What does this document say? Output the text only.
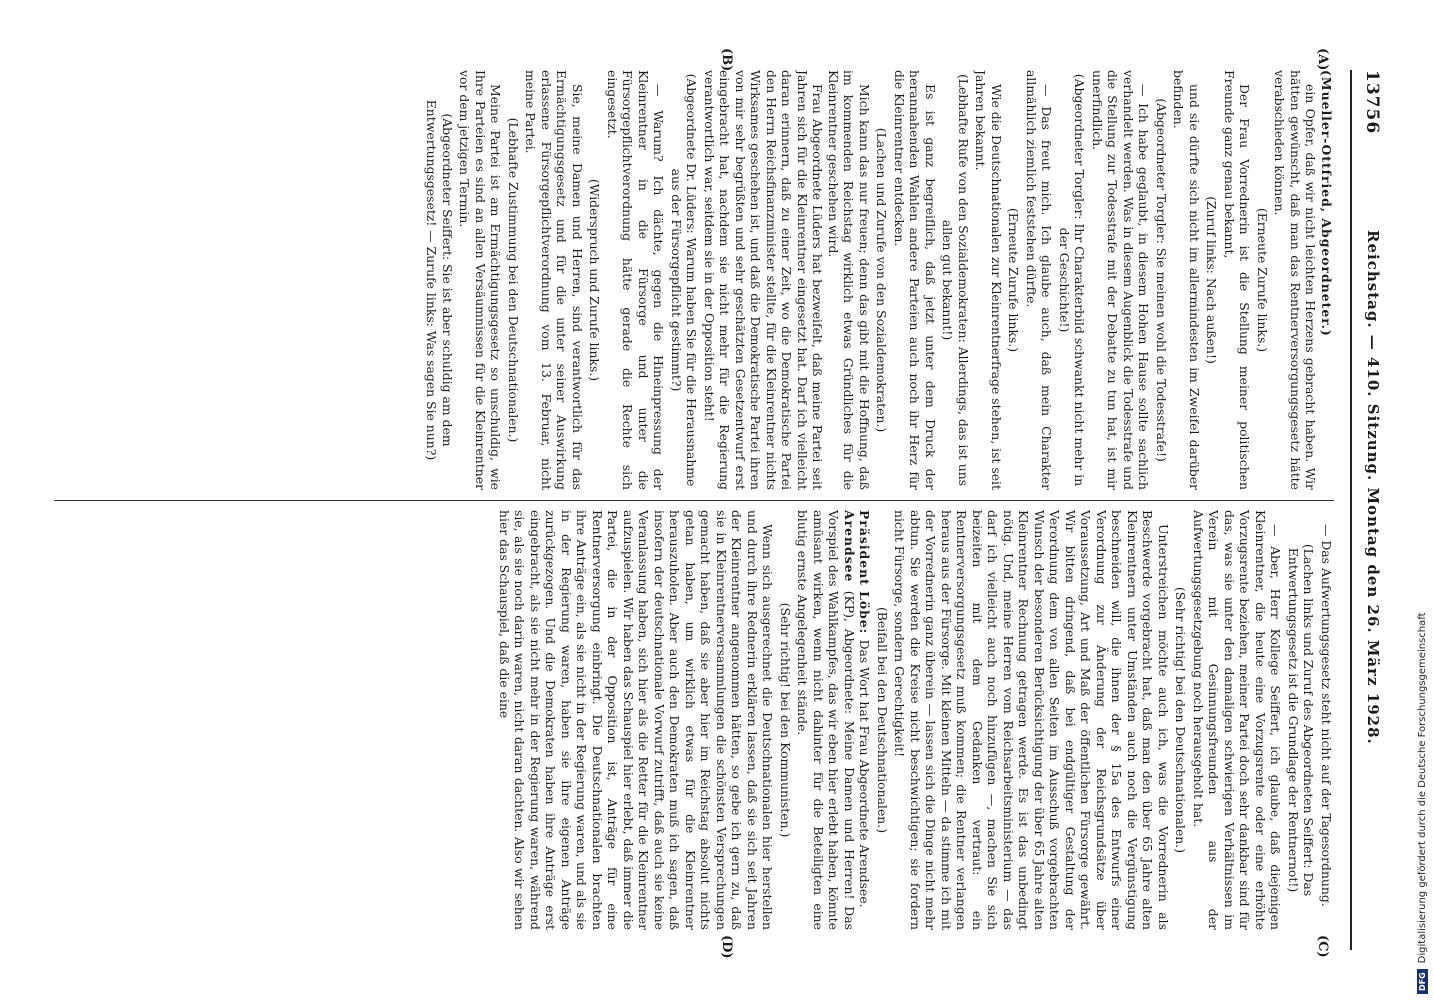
13756
Reichstag. — 410. Sitzung. Montag den 26. März 1928.
(A)
(B)
(C)
(D)

(Mueller-Ottfried, Abgeordneter.)

ein Opfer, daß wir nicht leichten Herzens gebracht haben. Wir hätten gewünscht, daß man das Rentnerversorgungsgesetz hätte verabschieden können.

(Erneute Zurufe links.)

Der Frau Vorrednerin ist die Stellung meiner politischen Freunde ganz genau bekannt,

(Zuruf links: Nach außen!)

und sie dürfte sich nicht im allermindesten im Zweifel darüber befinden.

(Abgeordneter Torgler: Sie meinen wohl die Todesstrafe!)

— Ich habe geglaubt, in diesem Hohen Hause sollte sachlich verhandelt werden. Was in diesem Augenblick die Todesstrafe und die Stellung zur Todesstrafe mit der Debatte zu tun hat, ist mir unerfindlich.

(Abgeordneter Torgler: Ihr Charakterbild schwankt nicht mehr in der Geschichte!)

— Das freut mich. Ich glaube auch, daß mein Charakter allmählich ziemlich feststehen dürfte.

(Erneute Zurufe links.)

Wie die Deutschnationalen zur Kleinrentnerfrage stehen, ist seit Jahren bekannt.

(Lebhafte Rufe von den Sozialdemokraten: Allerdings, das ist uns allen gut bekannt!)

Es ist ganz begreiflich, daß jetzt unter dem Druck der herannahenden Wahlen andere Parteien auch noch ihr Herz für die Kleinrentner entdecken.

(Lachen und Zurufe von den Sozialdemokraten.)

Mich kann das nur freuen; denn das gibt mit die Hoffnung, daß im kommenden Reichstag wirklich etwas Gründliches für die Kleinrentner geschehen wird.

Frau Abgeordnete Lüders hat bezweifelt, daß meine Partei seit Jahren sich für die Kleinrentner eingesetzt hat. Darf ich vielleicht daran erinnern, daß zu einer Zeit, wo die Demokratische Partei den Herrn Reichsfinanzminister stellte, für die Kleinrentner nichts Wirksames geschehen ist, und daß die Demokratische Partei ihren von mir sehr begrüßten und sehr geschätzten Gesetzentwurf erst eingebracht hat, nachdem sie nicht mehr für die Regierung verantwortlich war, seitdem sie in der Opposition steht!

(Abgeordnete Dr. Lüders: Warum haben Sie für die Herausnahme aus der Fürsorgepflicht gestimmt?)

— Warum? Ich dächte, gegen die Hineinpressung der Kleinrentner in die Fürsorge und unter die Fürsorgepflichtverordnung hätte gerade die Rechte sich eingesetzt.

(Widerspruch und Zurufe links.)

Sie, meine Damen und Herren, sind verantwortlich für das Ermächtigungsgesetz und für die unter seiner Auswirkung erlassene Fürsorgepflichtverordnung vom 13. Februar, nicht meine Partei.

(Lebhafte Zustimmung bei den Deutschnationalen.)

Meine Partei ist am Ermächtigungsgesetz so unschuldig, wie Ihre Parteien es sind an allen Versäumnissen für die Kleinrentner vor dem jetzigen Termin.

(Abgeordneter Seiffert: Sie ist aber schuldig am dem Entwertungsgesetz! — Zurufe links: Was sagen Sie nun?)

— Das Aufwertungsgesetz steht nicht auf der Tagesordnung.

(Lachen links und Zuruf des Abgeordneten Seiffert: Das Entwertungsgesetz ist die Grundlage der Rentnernot!)

— Aber, Herr Kollege Seiffert, ich glaube, daß diejenigen Kleinrentner, die heute eine Vorzugsrente oder eine erhöhte Vorzugsrente beziehen, meiner Partei doch sehr dankbar sind für das, was sie unter den damaligen schwierigen Verhältnissen im Verein mit Gesinnungsfreunden aus der Aufwertungsgesetzgebung noch herausgeholt hat.

(Sehr richtig! bei den Deutschnationalen.)

Unterstreichen möchte auch ich, was die Vorrednerin als Beschwerde vorgebracht hat, daß man den über 65 Jahre alten Kleinrentnern unter Umständen auch noch die Vergünstigung beschneiden will, die ihnen der § 15a des Entwurfs einer Verordnung zur Änderung der Reichsgrundsätze über Voraussetzung, Art und Maß der öffentlichen Fürsorge gewährt. Wir bitten dringend, daß bei endgültiger Gestaltung der Verordnung dem von allen Seiten im Ausschuß vorgebrachten Wunsch der besonderen Berücksichtigung der über 65 Jahre alten Kleinrentner Rechnung getragen werde. Es ist das unbedingt nötig. Und, meine Herren vom Reichsarbeitsministerium — das darf ich vielleicht auch noch hinzufügen —, machen Sie sich beizeiten mit dem Gedanken vertraut: ein Rentnerversorgungsgesetz muß kommen; die Rentner verlangen heraus aus der Fürsorge. Mit kleinen Mitteln — da stimme ich mit der Vorrednerin ganz überein — lassen sich die Dinge nicht mehr abtun. Sie werden die Kreise nicht beschwichtigen; sie fordern nicht Fürsorge, sondern Gerechtigkeit!

(Beifall bei den Deutschnationalen.)

Präsident Löbe: Das Wort hat Frau Abgeordnete Arendsee.

Arendsee (KP), Abgeordnete: Meine Damen und Herren! Das Vorspiel des Wahlkampfes, das wir eben hier erlebt haben, könnte amüsant wirken, wenn nicht dahinter für die Beteiligten eine blutig ernste Angelegenheit stände.

(Sehr richtig! bei den Kommunisten.)

Wenn sich ausgerechnet die Deutschnationalen hier herstellen und durch ihre Rednerin erklären lassen, daß sie sich seit Jahren der Kleinrentner angenommen hätten, so gebe ich gern zu, daß sie in Kleinrentnerversammlungen die schönsten Versprechungen gemacht haben, daß sie aber hier im Reichstag absolut nichts getan haben, um wirklich etwas für die Kleinrentner herauszuholen. Aber auch den Demokraten muß ich sagen, daß insofern der deutschnationale Vorwurf zutrifft, daß auch sie keine Veranlassung haben, sich hier als die Retter für die Kleinrentner aufzuspielen. Wir haben das Schauspiel hier erlebt, daß immer die Partei, die in der Opposition ist, Anträge für eine Rentnerversorgung einbringt. Die Deutschnationalen brachten ihre Anträge ein, als sie nicht in der Regierung waren, und als sie in der Regierung waren, haben sie ihre eigenen Anträge zurückgezogen. Und die Demokraten haben ihre Anträge erst eingebracht, als sie nicht mehr in der Regierung waren, während sie, als sie noch darin waren, nicht daran dachten. Also wir sehen hier das Schauspiel, daß die eine

DFG
Digitalisierung gefördert durch die Deutsche Forschungsgemeinschaft
